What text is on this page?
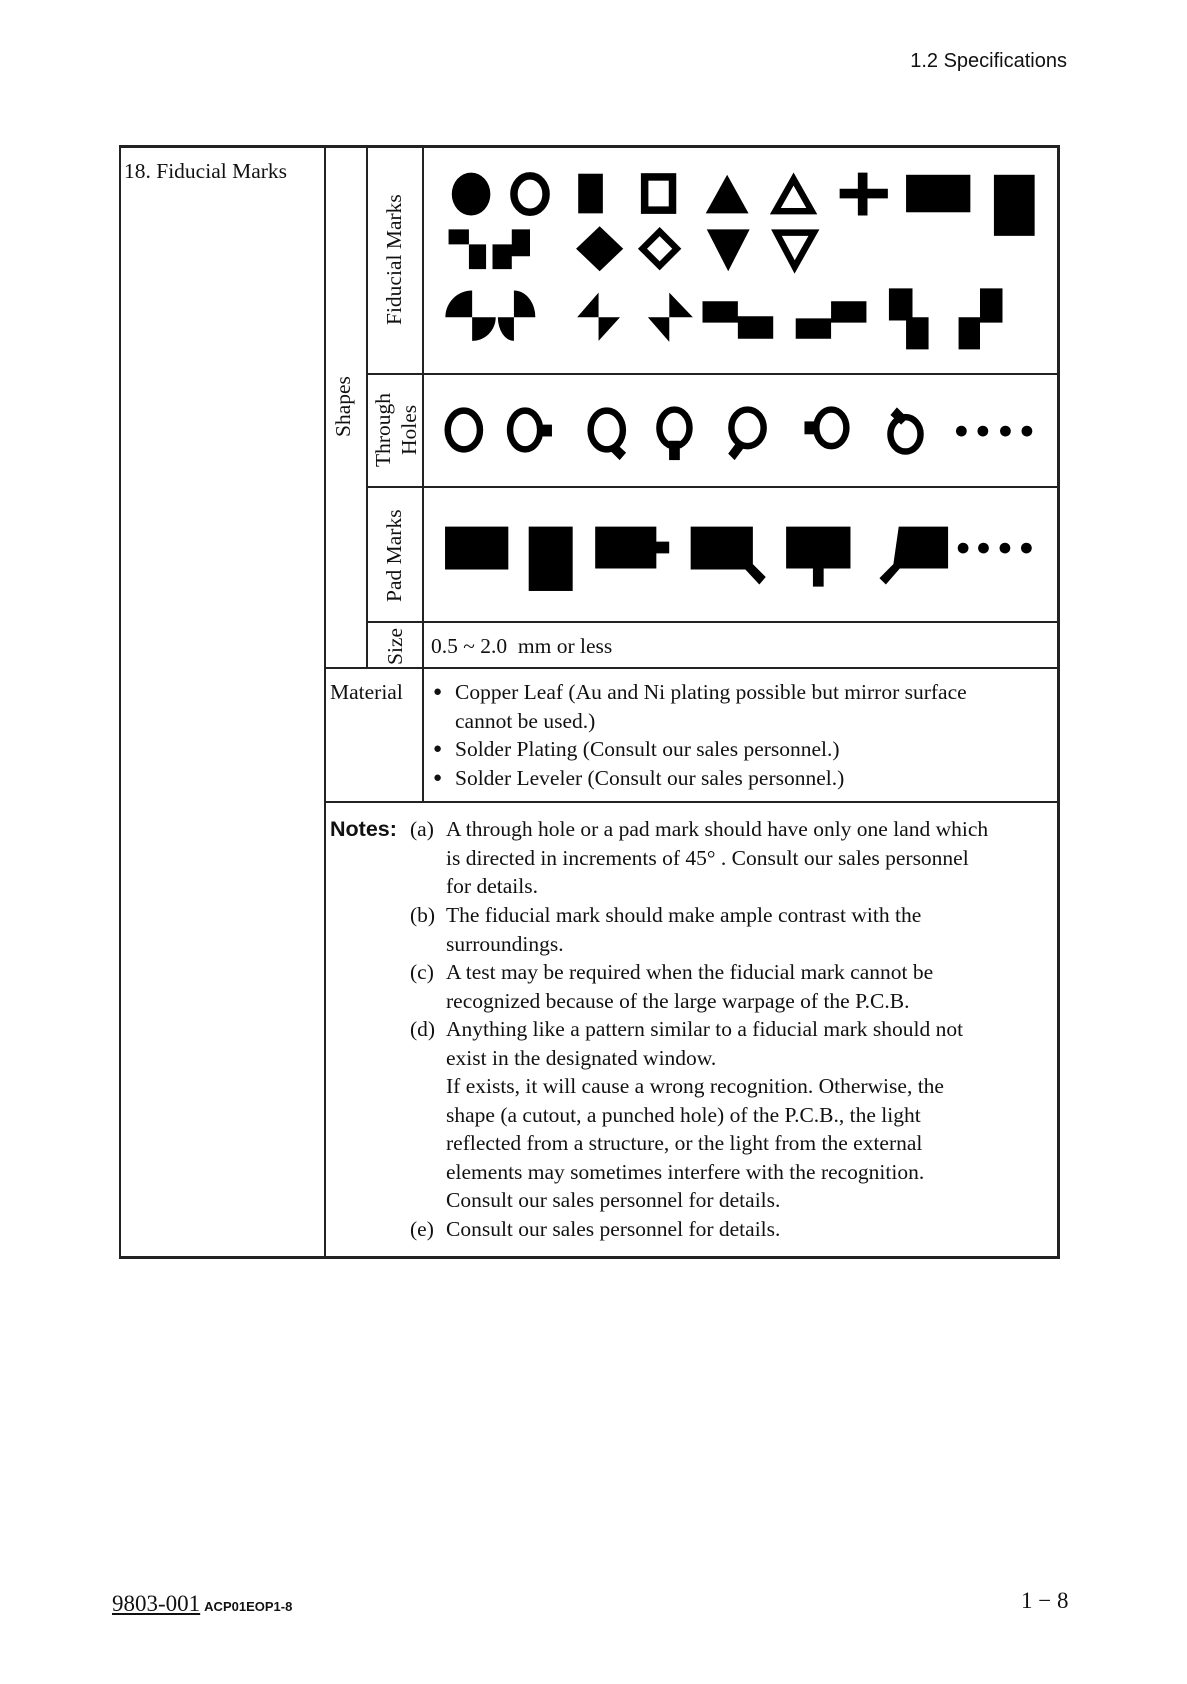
1.2 Specifications
18. Fiducial Marks
Shapes
Fiducial Marks
Through
Holes
Pad Marks
Size 0.5 ~ 2.0  mm or less
Material ● Copper Leaf (Au and Ni plating possible but mirror surface
cannot be used.)
● Solder Plating (Consult our sales personnel.)
● Solder Leveler (Consult our sales personnel.)
Notes: (a) A through hole or a pad mark should have only one land which
is directed in increments of 45° . Consult our sales personnel
for details.
(b) The fiducial mark should make ample contrast with the
surroundings.
(c) A test may be required when the fiducial mark cannot be
recognized because of the large warpage of the P.C.B.
(d) Anything like a pattern similar to a fiducial mark should not
exist in the designated window.
If exists, it will cause a wrong recognition. Otherwise, the
shape (a cutout, a punched hole) of the P.C.B., the light
reflected from a structure, or the light from the external
elements may sometimes interfere with the recognition.
Consult our sales personnel for details.
(e) Consult our sales personnel for details.
9803-001 ACP01EOP1-8	1 − 8
